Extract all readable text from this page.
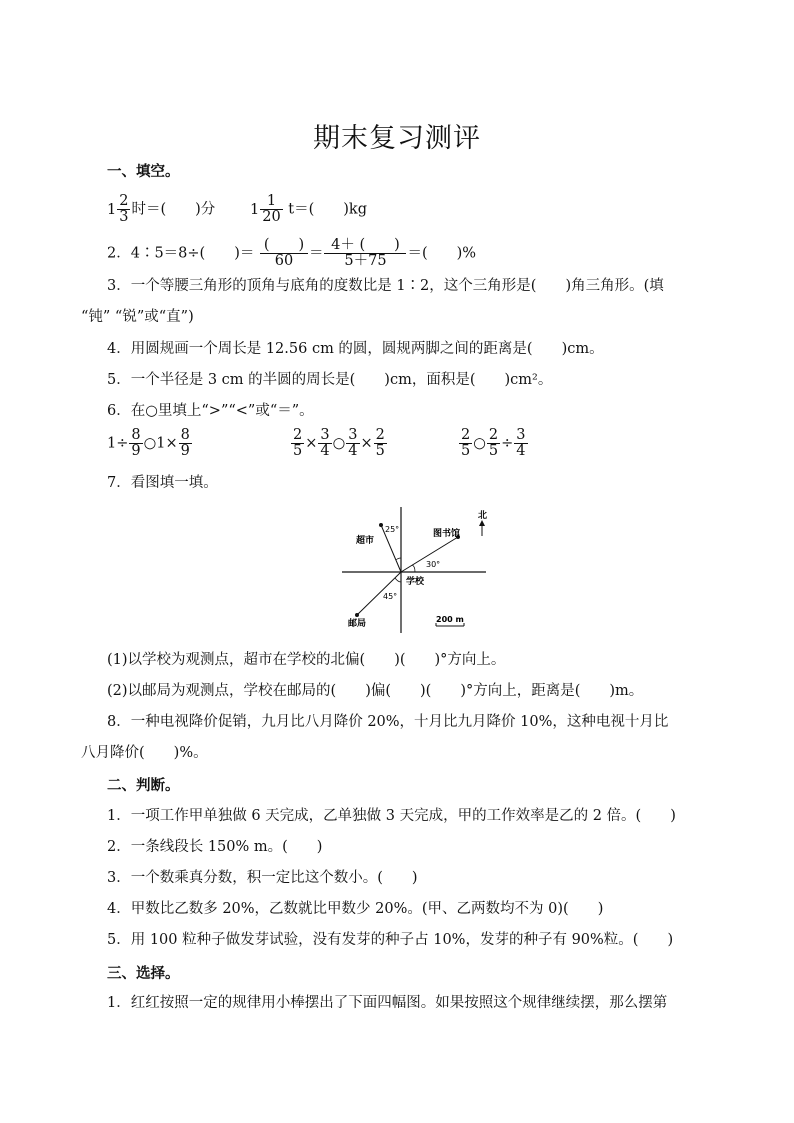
期末复习测评
一、填空。
1
2
3 时＝(　　)分 1
1
20 t＝(　　)kg
2．4∶5＝8÷(　　)＝
(　　)
60	＝ $\frac{4+ ( )}{5+75}$ ＝(　　)%
3．一个等腰三角形的顶角与底角的度数比是 1∶2，这个三角形是(　　)角三角形。(填
“钝” “锐”或“直”)
4．用圆规画一个周长是 12.56 cm 的圆，圆规两脚之间的距离是(　　)cm。
5．一个半径是 3 cm 的半圆的周长是(　　)cm，面积是(　　)cm²。
6．在○里填上“>”“<”或“＝”。
$1\div \frac{8}{9}$ ○1× $\frac{8}{9}$	$\frac{2}{5} \times \frac{3}{4}$ ○ $\frac{3}{4} \times \frac{2}{5}$	$\frac{2}{5}$ ○ $\frac{2}{5} \div \frac{3}{4}$
7．看图填一填。
北
超市
图书馆
学校
邮局
25°
30°
45°
200 m
(1)以学校为观测点，超市在学校的北偏(　　)(　　)°方向上。
(2)以邮局为观测点，学校在邮局的(　　)偏(　　)(　　)°方向上，距离是(　　)m。
8．一种电视降价促销，九月比八月降价 20%，十月比九月降价 10%，这种电视十月比
八月降价(　　)%。
二、判断。
1．一项工作甲单独做 6 天完成，乙单独做 3 天完成，甲的工作效率是乙的 2 倍。(　　)
2．一条线段长 150% m。(　　)
3．一个数乘真分数，积一定比这个数小。(　　)
4．甲数比乙数多 20%，乙数就比甲数少 20%。(甲、乙两数均不为 0)(　　)
5．用 100 粒种子做发芽试验，没有发芽的种子占 10%，发芽的种子有 90%粒。(　　)
三、选择。
1．红红按照一定的规律用小棒摆出了下面四幅图。如果按照这个规律继续摆，那么摆第
